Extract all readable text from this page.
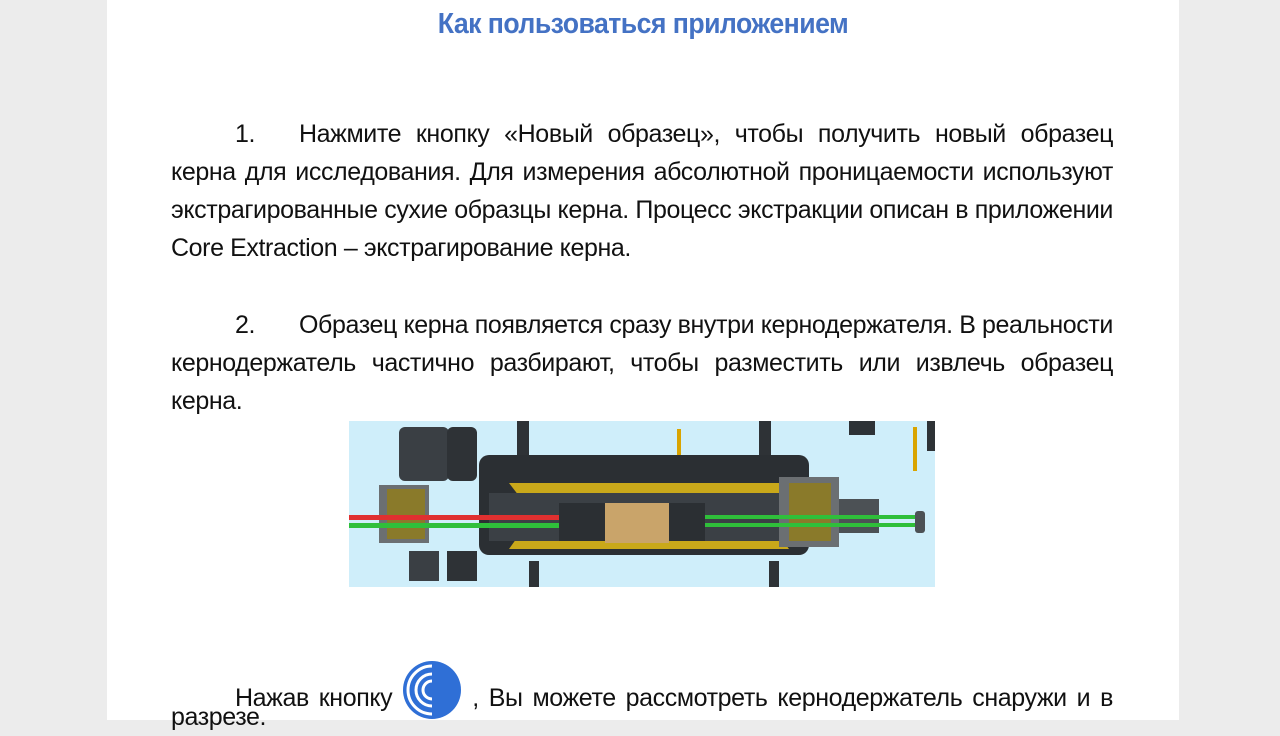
Как пользоваться приложением
1. Нажмите кнопку «Новый образец», чтобы получить новый образец керна для исследования. Для измерения абсолютной проницаемости используют экстрагированные сухие образцы керна. Процесс экстракции описан в приложении Core Extraction – экстрагирование керна.
2. Образец керна появляется сразу внутри кернодержателя. В реальности кернодержатель частично разбирают, чтобы разместить или извлечь образец керна.
Нажав кнопку	, Вы можете рассмотреть кернодержатель снаружи и в
разрезе.
